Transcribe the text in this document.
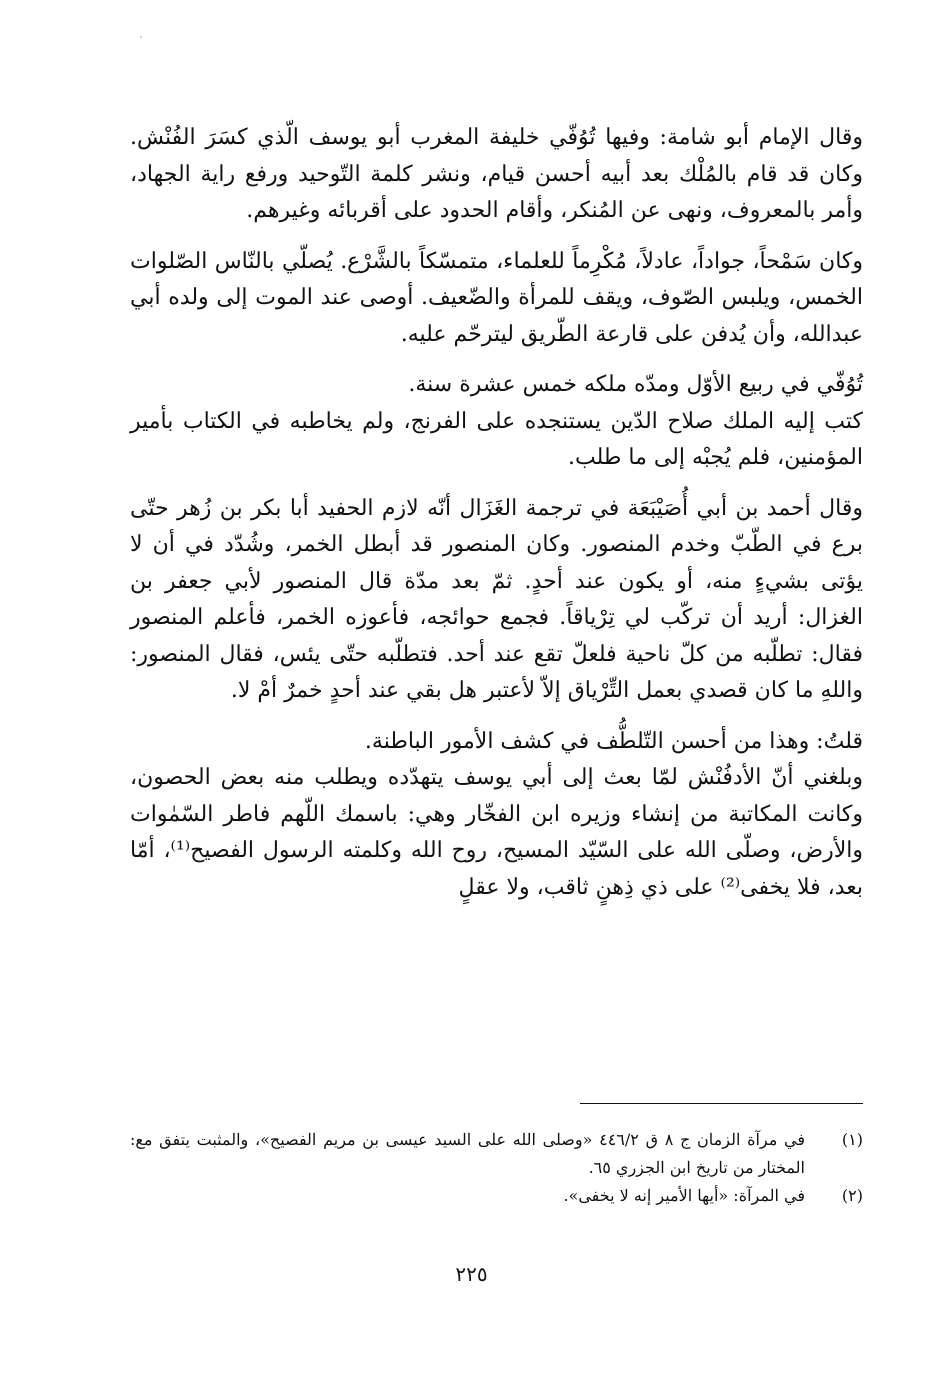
وقال الإمام أبو شامة: وفيها تُوُفّي خليفة المغرب أبو يوسف الّذي كسَرَ الفُنْش. وكان قد قام بالمُلْك بعد أبيه أحسن قيام، ونشر كلمة التّوحيد ورفع راية الجهاد، وأمر بالمعروف، ونهى عن المُنكر، وأقام الحدود على أقربائه وغيرهم.

وكان سَمْحاً، جواداً، عادلاً، مُكْرِماً للعلماء، متمسّكاً بالشَّرْع. يُصلّي بالنّاس الصّلوات الخمس، ويلبس الصّوف، ويقف للمرأة والضّعيف. أوصى عند الموت إلى ولده أبي عبدالله، وأن يُدفن على قارعة الطّريق ليترحّم عليه.

تُوُفّي في ربيع الأوّل ومدّه ملكه خمس عشرة سنة.

كتب إليه الملك صلاح الدّين يستنجده على الفرنج، ولم يخاطبه في الكتاب بأمير المؤمنين، فلم يُجبْه إلى ما طلب.

وقال أحمد بن أبي أُصَيْبَعَة في ترجمة الغَزَال أنّه لازم الحفيد أبا بكر بن زُهر حتّى برع في الطّبّ وخدم المنصور. وكان المنصور قد أبطل الخمر، وشُدّد في أن لا يؤتى بشيءٍ منه، أو يكون عند أحدٍ. ثمّ بعد مدّة قال المنصور لأبي جعفر بن الغزال: أريد أن تركّب لي تِرْياقاً. فجمع حوائجه، فأعوزه الخمر، فأعلم المنصور فقال: تطلّبه من كلّ ناحية فلعلّ تقع عند أحد. فتطلّبه حتّى يئس، فقال المنصور: واللهِ ما كان قصدي بعمل التِّرْياق إلاّ لأعتبر هل بقي عند أحدٍ خمرٌ أمْ لا.

قلتُ: وهذا من أحسن التّلطُّف في كشف الأمور الباطنة.

وبلغني أنّ الأدفُنْش لمّا بعث إلى أبي يوسف يتهدّده ويطلب منه بعض الحصون، وكانت المكاتبة من إنشاء وزيره ابن الفخّار وهي: باسمك اللّهم فاطر السّمٰوات والأرض، وصلّى الله على السّيّد المسيح، روح الله وكلمته الرسول الفصيح⁽¹⁾، أمّا بعد، فلا يخفى⁽²⁾ على ذي ذِهنٍ ثاقب، ولا عقلٍ

(١)
في مرآة الزمان ج ٨ ق ٤٤٦/٢ «وصلى الله على السيد عيسى بن مريم الفصيح»، والمثبت يتفق مع: المختار من تاريخ ابن الجزري ٦٥.
(٢)
في المرآة: «أيها الأمير إنه لا يخفى».
٢٢٥
